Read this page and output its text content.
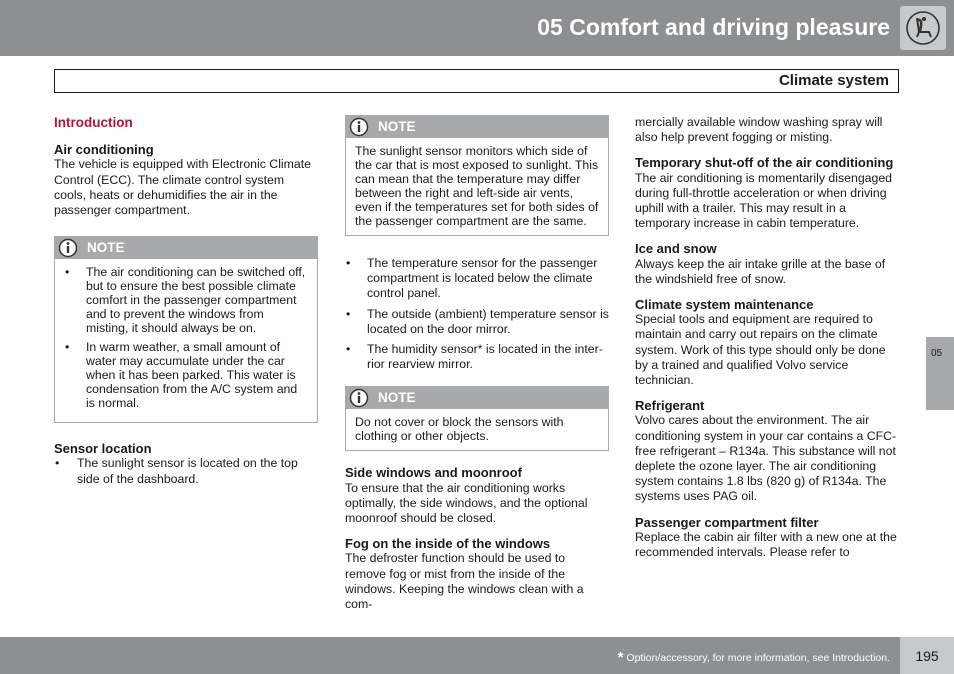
05 Comfort and driving pleasure
Climate system
Introduction
Air conditioning

The vehicle is equipped with Electronic Climate Control (ECC). The climate control system cools, heats or dehumidifies the air in the passenger compartment.

NOTE
• The air conditioning can be switched off, but to ensure the best possible climate comfort in the passenger compartment and to prevent the windows from misting, it should always be on.
• In warm weather, a small amount of water may accumulate under the car when it has been parked. This water is condensation from the A/C system and is normal.
Sensor location
• The sunlight sensor is located on the top side of the dashboard.
NOTE
The sunlight sensor monitors which side of the car that is most exposed to sunlight. This can mean that the temperature may differ between the right and left-side air vents, even if the temperatures set for both sides of the passenger compartment are the same.
• The temperature sensor for the passenger compartment is located below the climate control panel.
• The outside (ambient) temperature sensor is located on the door mirror.
• The humidity sensor* is located in the inter-rior rearview mirror.
NOTE
Do not cover or block the sensors with clothing or other objects.
Side windows and moonroof

To ensure that the air conditioning works optimally, the side windows, and the optional moonroof should be closed.

Fog on the inside of the windows

The defroster function should be used to remove fog or mist from the inside of the windows. Keeping the windows clean with a com-

mercially available window washing spray will also help prevent fogging or misting.

Temporary shut-off of the air conditioning

The air conditioning is momentarily disengaged during full-throttle acceleration or when driving uphill with a trailer. This may result in a temporary increase in cabin temperature.

Ice and snow

Always keep the air intake grille at the base of the windshield free of snow.

Climate system maintenance

Special tools and equipment are required to maintain and carry out repairs on the climate system. Work of this type should only be done by a trained and qualified Volvo service technician.

Refrigerant

Volvo cares about the environment. The air conditioning system in your car contains a CFC-free refrigerant – R134a. This substance will not deplete the ozone layer. The air conditioning system contains 1.8 lbs (820 g) of R134a. The systems uses PAG oil.

Passenger compartment filter

Replace the cabin air filter with a new one at the recommended intervals. Please refer to

05
* Option/accessory, for more information, see Introduction.	195
